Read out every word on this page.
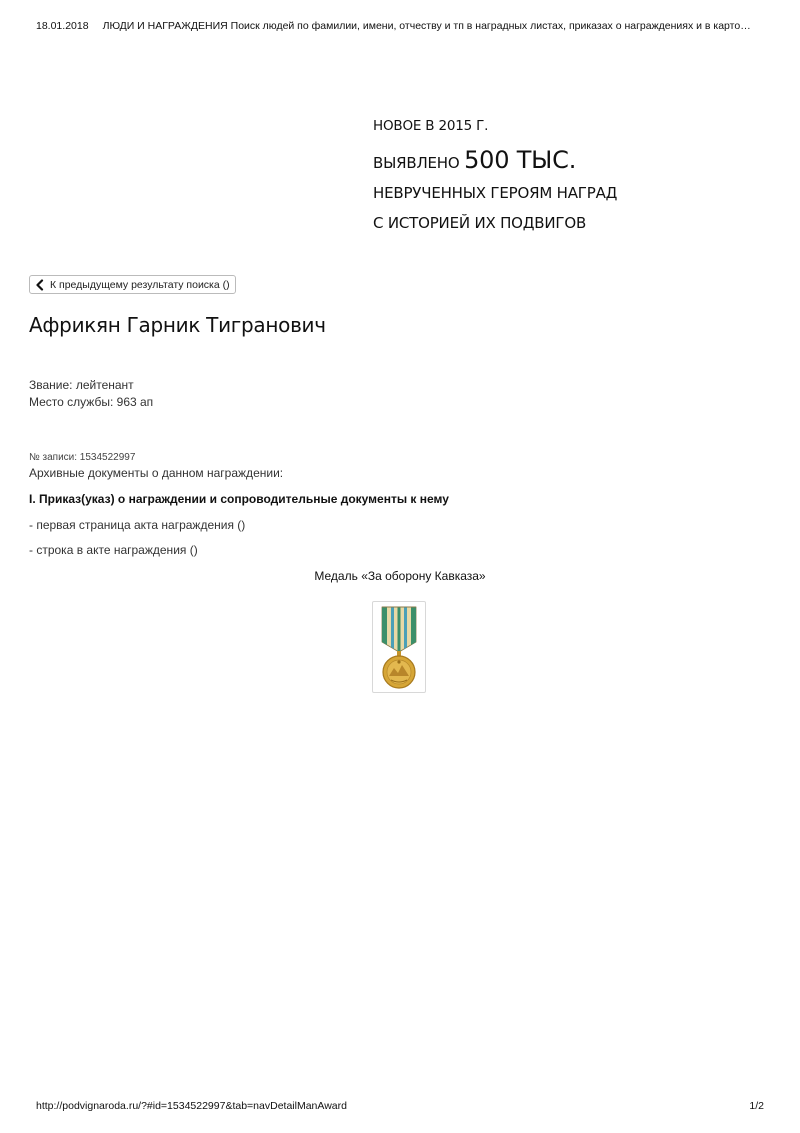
18.01.2018 ЛЮДИ И НАГРАЖДЕНИЯ Поиск людей по фамилии, имени, отчеству и тп в наградных листах, приказах о награждениях и в карто…
НОВОЕ В 2015 Г.
ВЫЯВЛЕНО 500 ТЫС.
НЕВРУЧЕННЫХ ГЕРОЯМ НАГРАД
С ИСТОРИЕЙ ИХ ПОДВИГОВ
К предыдущему результату поиска ()
Африкян Гарник Тигранович
Звание: лейтенант
Место службы: 963 ап
№ записи: 1534522997
Архивные документы о данном награждении:
I. Приказ(указ) о награждении и сопроводительные документы к нему
- первая страница акта награждения ()
- строка в акте награждения ()
Медаль «За оборону Кавказа»
http://podvignaroda.ru/?#id=1534522997&tab=navDetailManAward	1/2
